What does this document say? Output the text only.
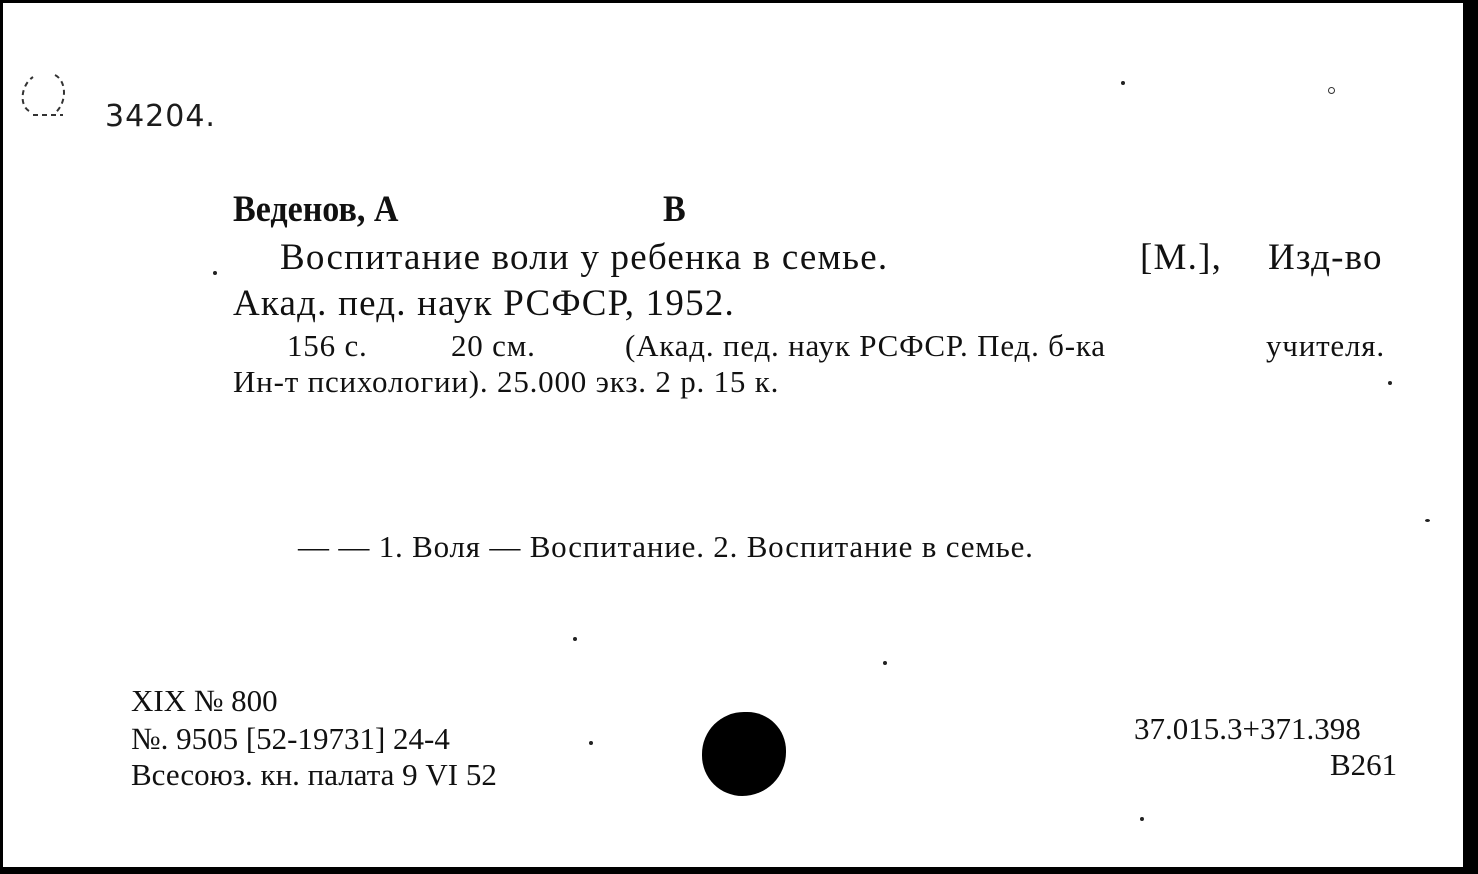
34204.

Веденов, А	В

Воспитание воли у ребенка в семье.	[М.], Изд-во

Акад. пед. наук РСФСР, 1952.

156 с.	20 см.	(Акад. пед. наук РСФСР. Пед. б-ка	учителя.

Ин-т психологии). 25.000 экз. 2 р. 15 к.

— — 1. Воля — Воспитание. 2. Воспитание в семье.

XIX № 800

№. 9505 [52-19731] 24-4

Всесоюз. кн. палата 9 VI 52

37.015.3+371.398

В261
